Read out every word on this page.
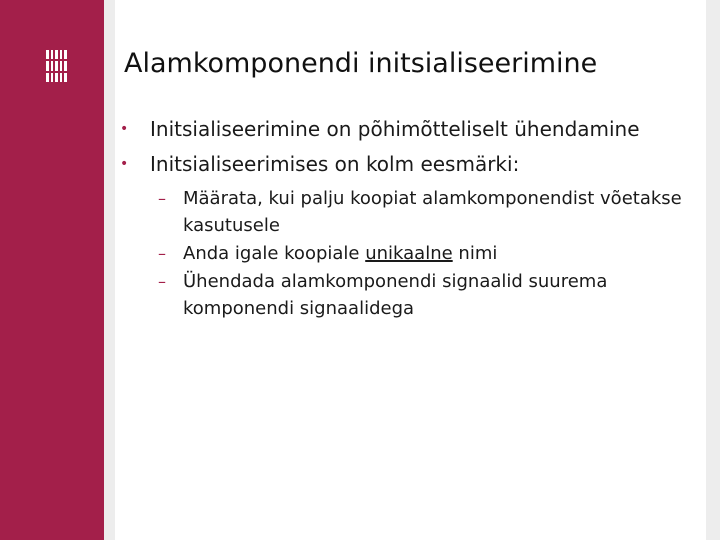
Alamkomponendi initsialiseerimine
• Initsialiseerimine on põhimõtteliselt ühendamine
• Initsialiseerimises on kolm eesmärki:
– Määrata, kui palju koopiat alamkomponendist võetakse kasutusele
– Anda igale koopiale unikaalne nimi
– Ühendada alamkomponendi signaalid suurema komponendi signaalidega
